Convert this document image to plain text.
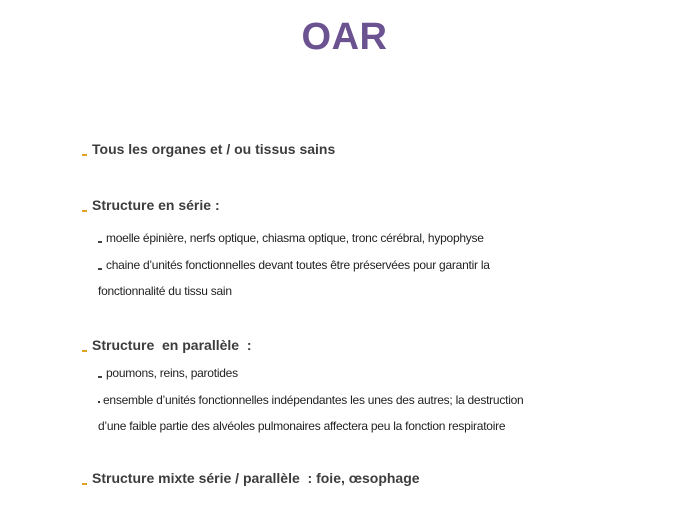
OAR
Tous les organes et / ou tissus sains
Structure en série :
moelle épinière, nerfs optique, chiasma optique, tronc cérébral, hypophyse
chaine d’unités fonctionnelles devant toutes être préservées pour garantir la
fonctionnalité du tissu sain
Structure  en parallèle  :
poumons, reins, parotides
ensemble d’unités fonctionnelles indépendantes les unes des autres; la destruction
d’une faible partie des alvéoles pulmonaires affectera peu la fonction respiratoire
Structure mixte série / parallèle  : foie, œsophage
